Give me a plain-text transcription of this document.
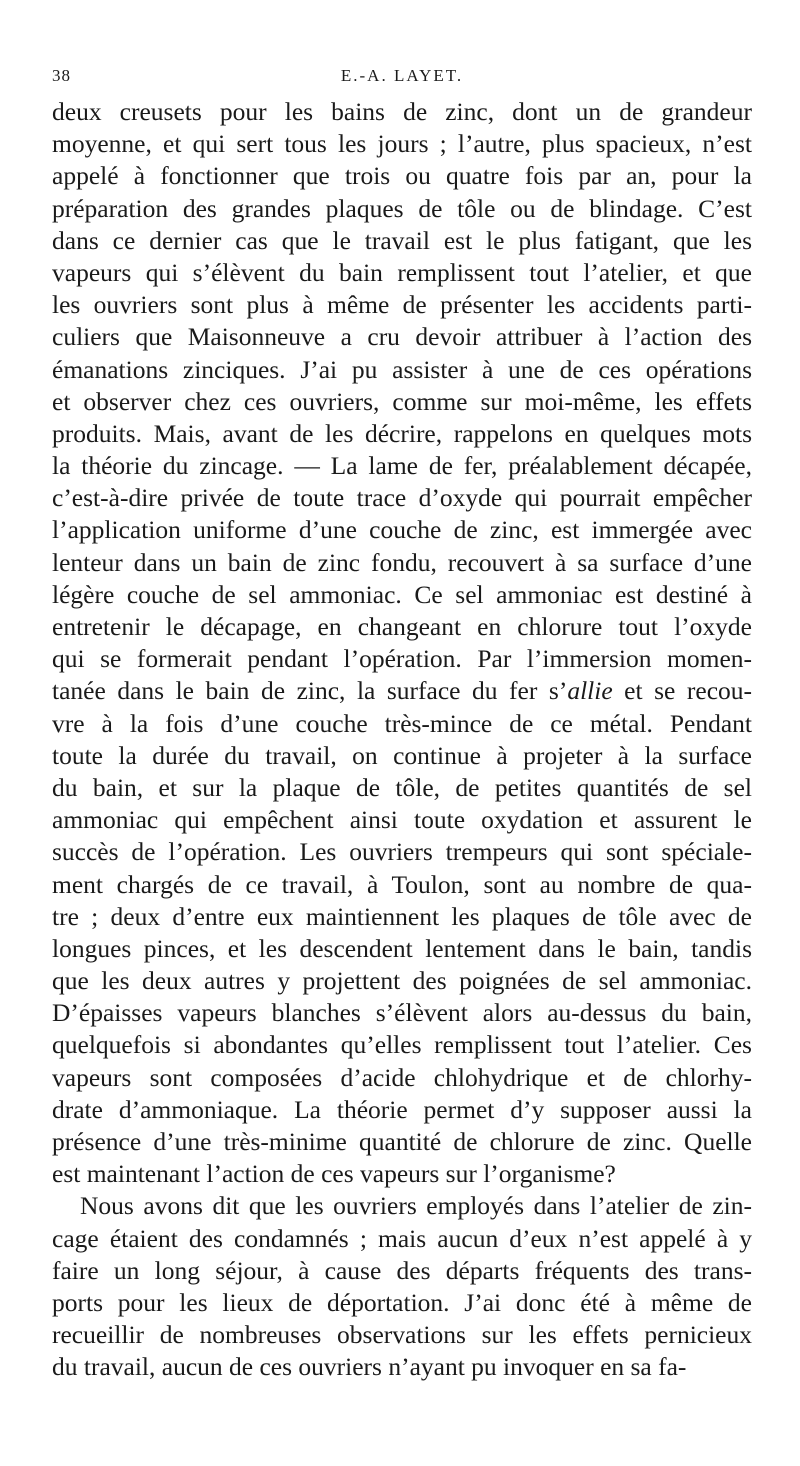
38	E.-A. LAYET.
deux creusets pour les bains de zinc, dont un de grandeur
moyenne, et qui sert tous les jours ; l’autre, plus spacieux, n’est
appelé à fonctionner que trois ou quatre fois par an, pour la
préparation des grandes plaques de tôle ou de blindage. C’est
dans ce dernier cas que le travail est le plus fatigant, que les
vapeurs qui s’élèvent du bain remplissent tout l’atelier, et que
les ouvriers sont plus à même de présenter les accidents parti-
culiers que Maisonneuve a cru devoir attribuer à l’action des
émanations zinciques. J’ai pu assister à une de ces opérations
et observer chez ces ouvriers, comme sur moi-même, les effets
produits. Mais, avant de les décrire, rappelons en quelques mots
la théorie du zincage. — La lame de fer, préalablement décapée,
c’est-à-dire privée de toute trace d’oxyde qui pourrait empêcher
l’application uniforme d’une couche de zinc, est immergée avec
lenteur dans un bain de zinc fondu, recouvert à sa surface d’une
légère couche de sel ammoniac. Ce sel ammoniac est destiné à
entretenir le décapage, en changeant en chlorure tout l’oxyde
qui se formerait pendant l’opération. Par l’immersion momen-
tanée dans le bain de zinc, la surface du fer s’allie et se recou-
vre à la fois d’une couche très-mince de ce métal. Pendant
toute la durée du travail, on continue à projeter à la surface
du bain, et sur la plaque de tôle, de petites quantités de sel
ammoniac qui empêchent ainsi toute oxydation et assurent le
succès de l’opération. Les ouvriers trempeurs qui sont spéciale-
ment chargés de ce travail, à Toulon, sont au nombre de qua-
tre ; deux d’entre eux maintiennent les plaques de tôle avec de
longues pinces, et les descendent lentement dans le bain, tandis
que les deux autres y projettent des poignées de sel ammoniac.
D’épaisses vapeurs blanches s’élèvent alors au-dessus du bain,
quelquefois si abondantes qu’elles remplissent tout l’atelier. Ces
vapeurs sont composées d’acide chlohydrique et de chlorhy-
drate d’ammoniaque. La théorie permet d’y supposer aussi la
présence d’une très-minime quantité de chlorure de zinc. Quelle
est maintenant l’action de ces vapeurs sur l’organisme?
Nous avons dit que les ouvriers employés dans l’atelier de zin-
cage étaient des condamnés ; mais aucun d’eux n’est appelé à y
faire un long séjour, à cause des départs fréquents des trans-
ports pour les lieux de déportation. J’ai donc été à même de
recueillir de nombreuses observations sur les effets pernicieux
du travail, aucun de ces ouvriers n’ayant pu invoquer en sa fa-
